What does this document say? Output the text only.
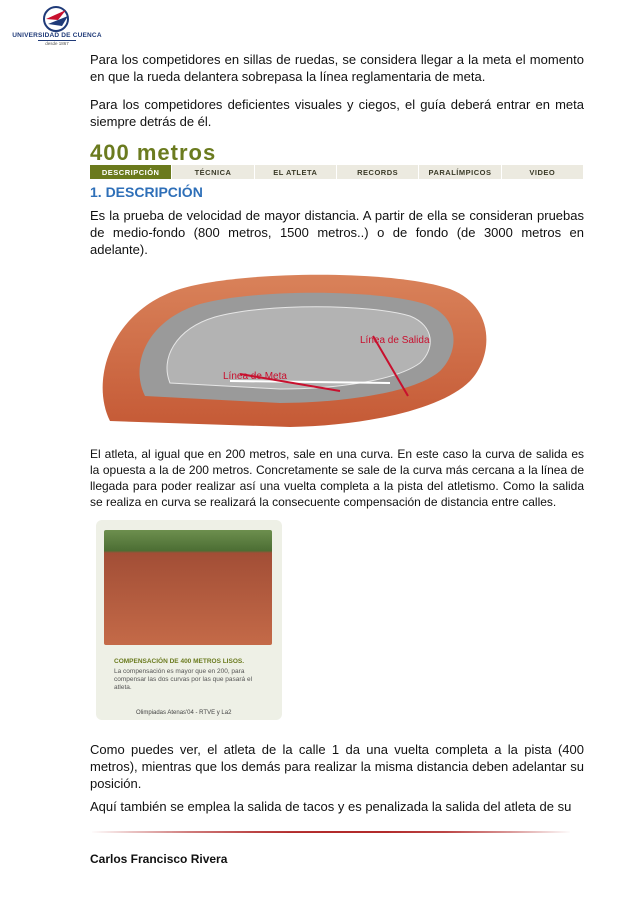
UNIVERSIDAD DE CUENCA
desde 1867

Para los competidores en sillas de ruedas, se considera llegar a la meta el momento en que la rueda delantera sobrepasa la línea reglamentaria de meta.

Para los competidores deficientes visuales y ciegos, el guía deberá entrar en meta siempre detrás de él.

400 metros
DESCRIPCIÓN	TÉCNICA	EL ATLETA	RECORDS	PARALÍMPICOS	VIDEO
1. DESCRIPCIÓN

Es la prueba de velocidad de mayor distancia. A partir de ella se consideran pruebas de medio-fondo (800 metros, 1500 metros..) o de fondo (de 3000 metros en adelante).

Línea de Salida
Línea de Meta

El atleta, al igual que en 200 metros, sale en una curva. En este caso la curva de salida es la opuesta a la de 200 metros. Concretamente se sale de la curva más cercana a la línea de llegada para poder realizar así una vuelta completa a la pista del atletismo. Como la salida se realiza en curva se realizará la consecuente compensación de distancia entre calles.

COMPENSACIÓN DE 400 METROS LISOS.
La compensación es mayor que en 200, para compensar las dos curvas por las que pasará el atleta.
Olimpiadas Atenas'04 - RTVE y La2

Como puedes ver, el atleta de la calle 1 da una vuelta completa a la pista (400 metros), mientras que los demás para realizar la misma distancia deben adelantar su posición.

Aquí también se emplea la salida de tacos y es penalizada la salida del atleta de su

Carlos Francisco Rivera
